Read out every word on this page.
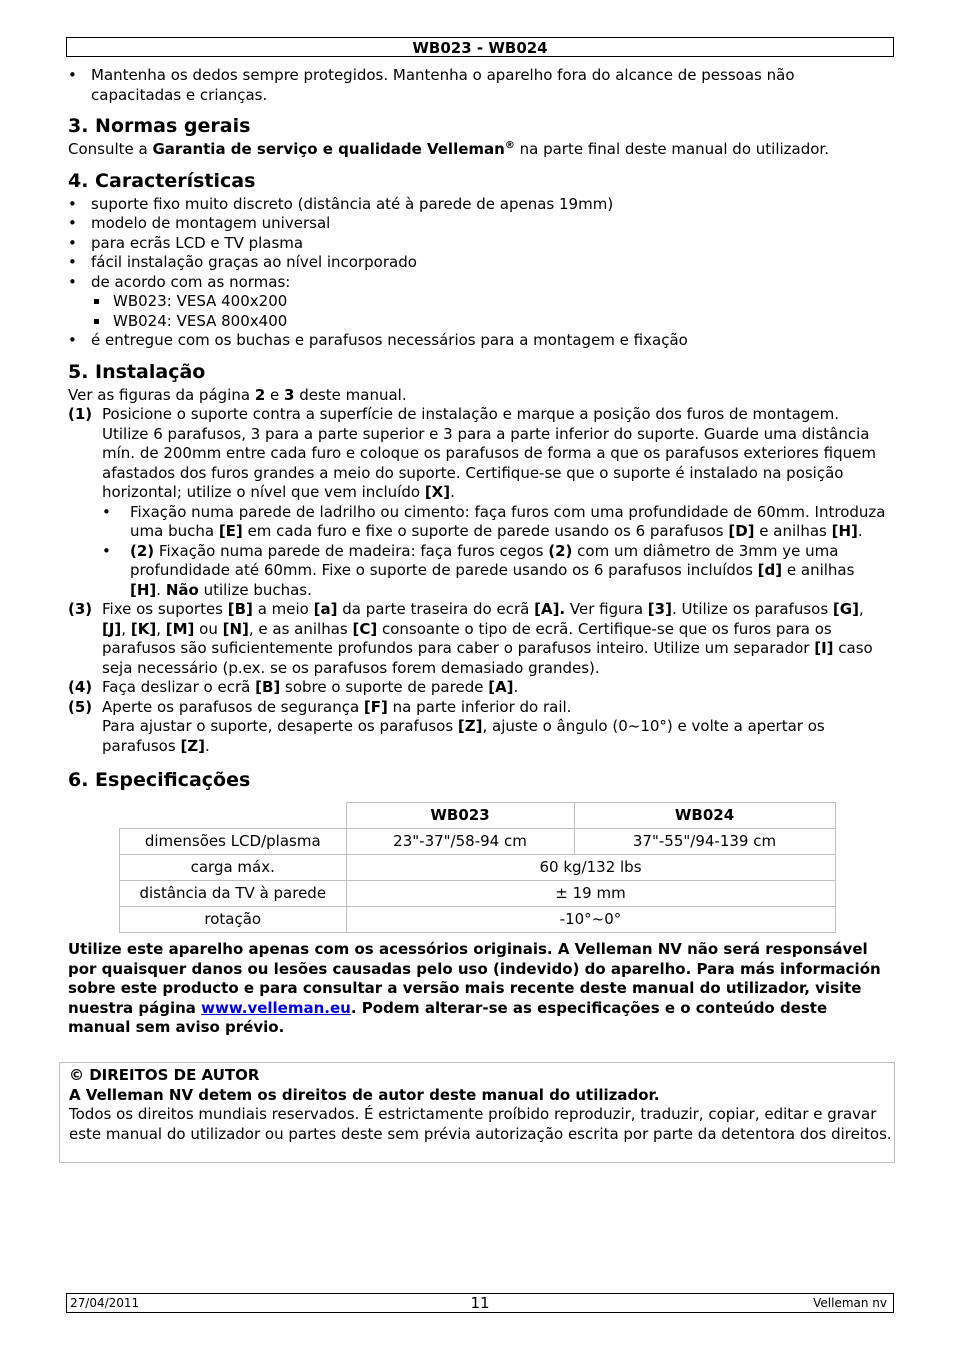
WB023 - WB024
• Mantenha os dedos sempre protegidos. Mantenha o aparelho fora do alcance de pessoas não capacitadas e crianças.
3. Normas gerais

Consulte a Garantia de serviço e qualidade Velleman® na parte final deste manual do utilizador.

4. Características
• suporte fixo muito discreto (distância até à parede de apenas 19mm)
• modelo de montagem universal
• para ecrãs LCD e TV plasma
• fácil instalação graças ao nível incorporado
• de acordo com as normas:
WB023: VESA 400x200
WB024: VESA 800x400
• é entregue com os buchas e parafusos necessários para a montagem e fixação
5. Instalação

Ver as figuras da página 2 e 3 deste manual.

(1) Posicione o suporte contra a superfície de instalação e marque a posição dos furos de montagem. Utilize 6 parafusos, 3 para a parte superior e 3 para a parte inferior do suporte. Guarde uma distância mín. de 200mm entre cada furo e coloque os parafusos de forma a que os parafusos exteriores fiquem afastados dos furos grandes a meio do suporte. Certifique-se que o suporte é instalado na posição horizontal; utilize o nível que vem incluído [X].
• Fixação numa parede de ladrilho ou cimento: faça furos com uma profundidade de 60mm. Introduza uma bucha [E] em cada furo e fixe o suporte de parede usando os 6 parafusos [D] e anilhas [H].
• (2) Fixação numa parede de madeira: faça furos cegos (2) com um diâmetro de 3mm ye uma profundidade até 60mm. Fixe o suporte de parede usando os 6 parafusos incluídos [d] e anilhas [H]. Não utilize buchas.
(3) Fixe os suportes [B] a meio [a] da parte traseira do ecrã [A]. Ver figura [3]. Utilize os parafusos [G], [J], [K], [M] ou [N], e as anilhas [C] consoante o tipo de ecrã. Certifique-se que os furos para os parafusos são suficientemente profundos para caber o parafusos inteiro. Utilize um separador [I] caso seja necessário (p.ex. se os parafusos forem demasiado grandes).
(4) Faça deslizar o ecrã [B] sobre o suporte de parede [A].
(5) Aperte os parafusos de segurança [F] na parte inferior do rail.
Para ajustar o suporte, desaperte os parafusos [Z], ajuste o ângulo (0~10°) e volte a apertar os parafusos [Z].
6. Especificações
	WB023	WB024
dimensões LCD/plasma	23"-37"/58-94 cm	37"-55"/94-139 cm
carga máx.	60 kg/132 lbs	
distância da TV à parede	± 19 mm	
rotação	-10°~0°	

Utilize este aparelho apenas com os acessórios originais. A Velleman NV não será responsável por quaisquer danos ou lesões causadas pelo uso (indevido) do aparelho. Para más información sobre este producto e para consultar a versão mais recente deste manual do utilizador, visite nuestra página www.velleman.eu. Podem alterar-se as especificações e o conteúdo deste manual sem aviso prévio.

© DIREITOS DE AUTOR
A Velleman NV detem os direitos de autor deste manual do utilizador.
Todos os direitos mundiais reservados. É estrictamente proíbido reproduzir, traduzir, copiar, editar e gravar este manual do utilizador ou partes deste sem prévia autorização escrita por parte da detentora dos direitos.
27/04/2011	11	Velleman nv
